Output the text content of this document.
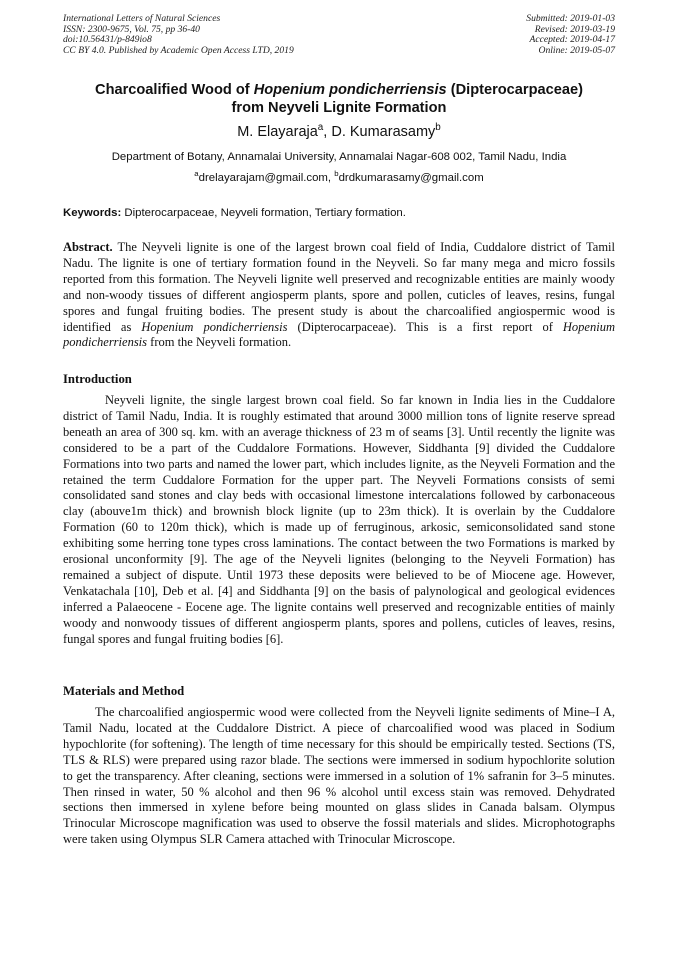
International Letters of Natural Sciences
ISSN: 2300-9675, Vol. 75, pp 36-40
doi:10.56431/p-849io8
CC BY 4.0. Published by Academic Open Access LTD, 2019
Submitted: 2019-01-03
Revised: 2019-03-19
Accepted: 2019-04-17
Online: 2019-05-07
Charcoalified Wood of Hopenium pondicherriensis (Dipterocarpaceae)
from Neyveli Lignite Formation
M. Elayaraja$^a$, D. Kumarasamy$^b$
Department of Botany, Annamalai University, Annamalai Nagar-608 002, Tamil Nadu, India
$^a$drelayarajam@gmail.com, $^b$drdkumarasamy@gmail.com
Keywords: Dipterocarpaceae, Neyveli formation, Tertiary formation.
Abstract. The Neyveli lignite is one of the largest brown coal field of India, Cuddalore district of Tamil Nadu. The lignite is one of tertiary formation found in the Neyveli. So far many mega and micro fossils reported from this formation. The Neyveli lignite well preserved and recognizable entities are mainly woody and non-woody tissues of different angiosperm plants, spore and pollen, cuticles of leaves, resins, fungal spores and fungal fruiting bodies. The present study is about the charcoalified angiospermic wood is identified as Hopenium pondicherriensis (Dipterocarpaceae). This is a first report of Hopenium pondicherriensis from the Neyveli formation.
Introduction
Neyveli lignite, the single largest brown coal field. So far known in India lies in the Cuddalore district of Tamil Nadu, India. It is roughly estimated that around 3000 million tons of lignite reserve spread beneath an area of 300 sq. km. with an average thickness of 23 m of seams [3]. Until recently the lignite was considered to be a part of the Cuddalore Formations. However, Siddhanta [9] divided the Cuddalore Formations into two parts and named the lower part, which includes lignite, as the Neyveli Formation and the retained the term Cuddalore Formation for the upper part. The Neyveli Formations consists of semi consolidated sand stones and clay beds with occasional limestone intercalations followed by carbonaceous clay (abouve1m thick) and brownish block lignite (up to 23m thick). It is overlain by the Cuddalore Formation (60 to 120m thick), which is made up of ferruginous, arkosic, semiconsolidated sand stone exhibiting some herring tone types cross laminations. The contact between the two Formations is marked by erosional unconformity [9]. The age of the Neyveli lignites (belonging to the Neyveli Formation) has remained a subject of dispute. Until 1973 these deposits were believed to be of Miocene age. However, Venkatachala [10], Deb et al. [4] and Siddhanta [9] on the basis of palynological and geological evidences inferred a Palaeocene - Eocene age. The lignite contains well preserved and recognizable entities of mainly woody and nonwoody tissues of different angiosperm plants, spores and pollens, cuticles of leaves, resins, fungal spores and fungal fruiting bodies [6].
Materials and Method
The charcoalified angiospermic wood were collected from the Neyveli lignite sediments of Mine–I A, Tamil Nadu, located at the Cuddalore District. A piece of charcoalified wood was placed in Sodium hypochlorite (for softening). The length of time necessary for this should be empirically tested. Sections (TS, TLS & RLS) were prepared using razor blade. The sections were immersed in sodium hypochlorite solution to get the transparency. After cleaning, sections were immersed in a solution of 1% safranin for 3–5 minutes. Then rinsed in water, 50 % alcohol and then 96 % alcohol until excess stain was removed. Dehydrated sections then immersed in xylene before being mounted on glass slides in Canada balsam. Olympus Trinocular Microscope magnification was used to observe the fossil materials and slides. Microphotographs were taken using Olympus SLR Camera attached with Trinocular Microscope.
